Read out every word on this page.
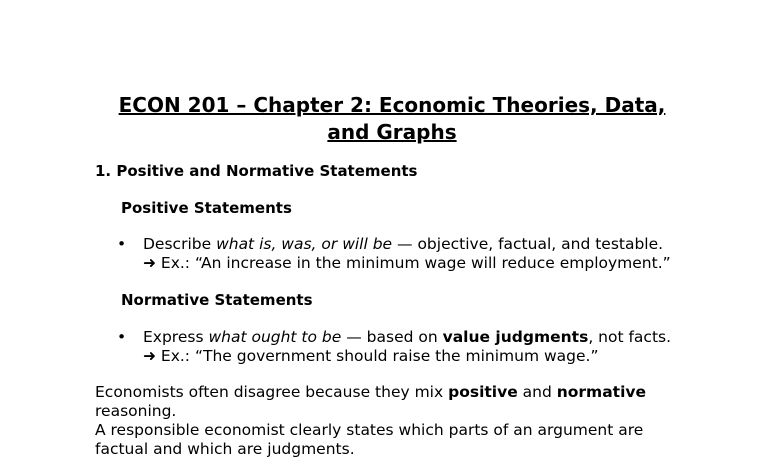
ECON 201 – Chapter 2: Economic Theories, Data,
and Graphs
1. Positive and Normative Statements
Positive Statements
• Describe what is, was, or will be — objective, factual, and testable.
➜ Ex.: “An increase in the minimum wage will reduce employment.”
Normative Statements
• Express what ought to be — based on value judgments, not facts.
➜ Ex.: “The government should raise the minimum wage.”
Economists often disagree because they mix positive and normative
reasoning.
A responsible economist clearly states which parts of an argument are
factual and which are judgments.
